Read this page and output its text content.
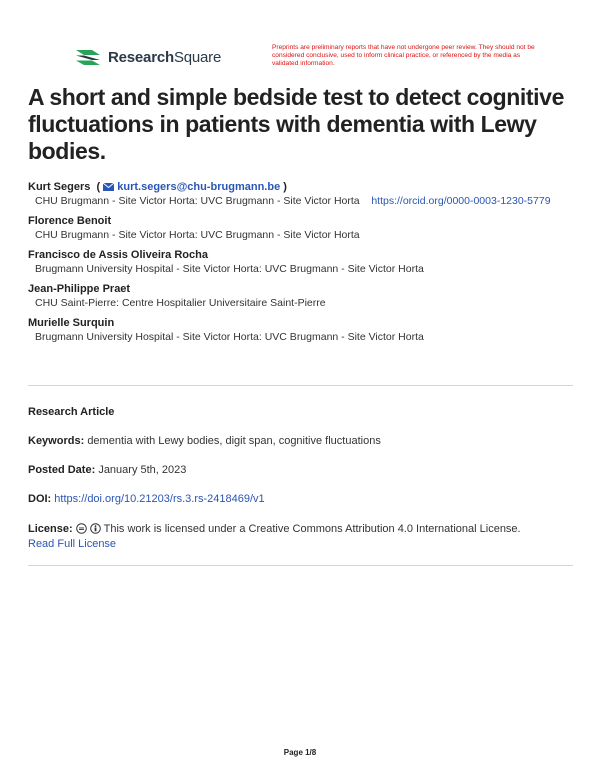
ResearchSquare
Preprints are preliminary reports that have not undergone peer review. They should not be considered conclusive, used to inform clinical practice, or referenced by the media as validated information.
A short and simple bedside test to detect cognitive fluctuations in patients with dementia with Lewy bodies.
Kurt Segers  (  kurt.segers@chu-brugmann.be )
CHU Brugmann - Site Victor Horta: UVC Brugmann - Site Victor Horta https://orcid.org/0000-0003-1230-5779
Florence Benoit
CHU Brugmann - Site Victor Horta: UVC Brugmann - Site Victor Horta
Francisco de Assis Oliveira Rocha
Brugmann University Hospital - Site Victor Horta: UVC Brugmann - Site Victor Horta
Jean-Philippe Praet
CHU Saint-Pierre: Centre Hospitalier Universitaire Saint-Pierre
Murielle Surquin
Brugmann University Hospital - Site Victor Horta: UVC Brugmann - Site Victor Horta
Research Article
Keywords: dementia with Lewy bodies, digit span, cognitive fluctuations
Posted Date: January 5th, 2023
DOI: https://doi.org/10.21203/rs.3.rs-2418469/v1
License:	This work is licensed under a Creative Commons Attribution 4.0 International License.
Read Full License
Page 1/8
